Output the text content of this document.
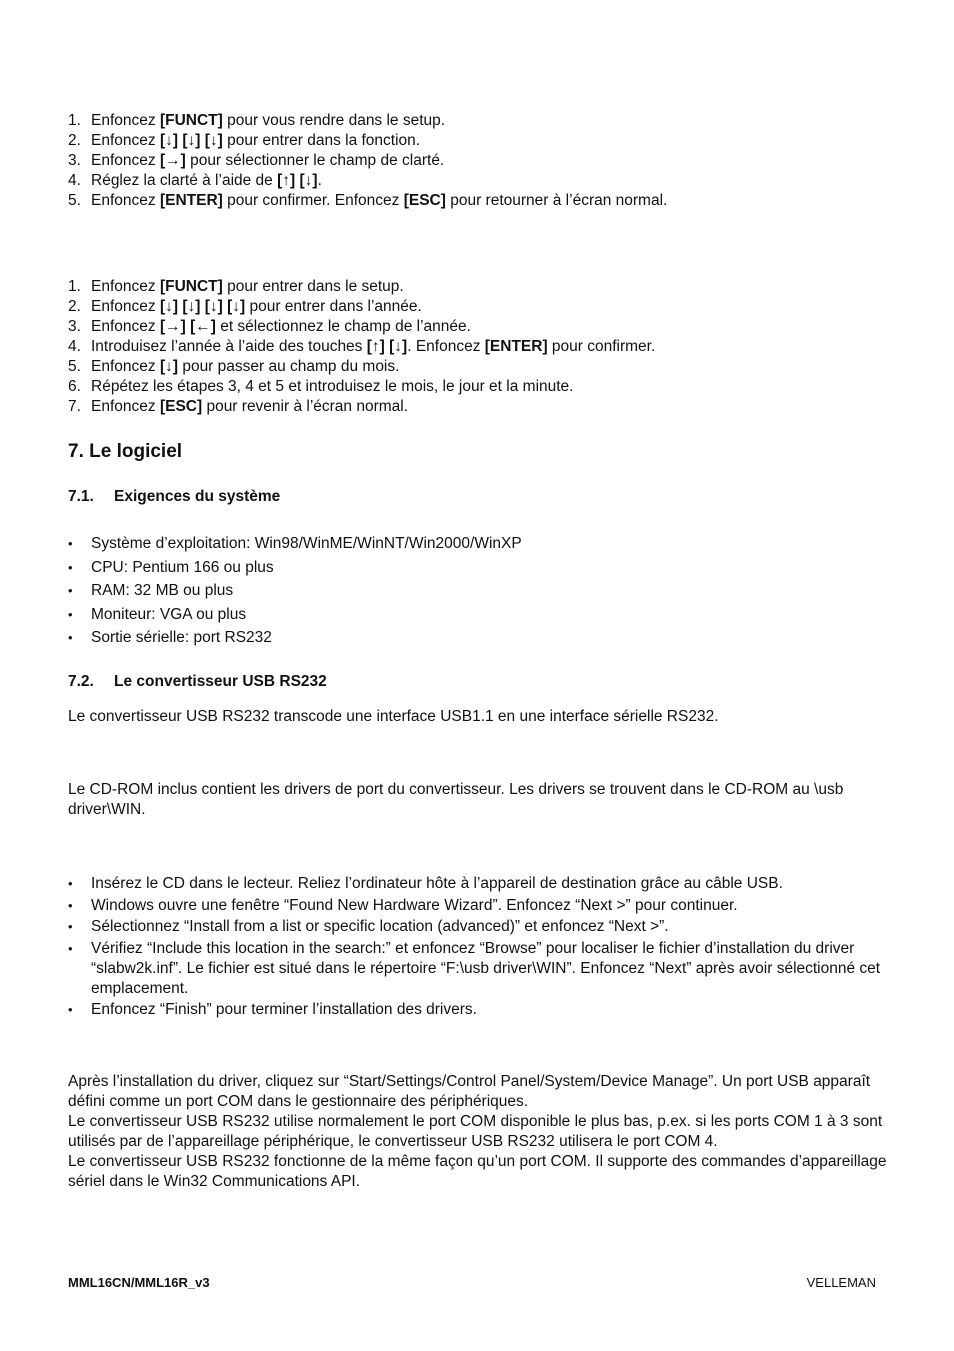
1. Enfoncez [FUNCT] pour vous rendre dans le setup.
2. Enfoncez [↓] [↓] [↓] pour entrer dans la fonction.
3. Enfoncez [→] pour sélectionner le champ de clarté.
4. Réglez la clarté à l’aide de [↑] [↓].
5. Enfoncez [ENTER] pour confirmer. Enfoncez [ESC] pour retourner à l’écran normal.
1. Enfoncez [FUNCT] pour entrer dans le setup.
2. Enfoncez [↓] [↓] [↓] [↓] pour entrer dans l’année.
3. Enfoncez [→] [←] et sélectionnez le champ de l’année.
4. Introduisez l’année à l’aide des touches [↑] [↓]. Enfoncez [ENTER] pour confirmer.
5. Enfoncez [↓] pour passer au champ du mois.
6. Répétez les étapes 3, 4 et 5 et introduisez le mois, le jour et la minute.
7. Enfoncez [ESC] pour revenir à l’écran normal.
7. Le logiciel
7.1. Exigences du système
•	Système d’exploitation: Win98/WinME/WinNT/Win2000/WinXP
•	CPU: Pentium 166 ou plus
•	RAM: 32 MB ou plus
•	Moniteur: VGA ou plus
•	Sortie sérielle: port RS232
7.2. Le convertisseur USB RS232
Le convertisseur USB RS232 transcode une interface USB1.1 en une interface sérielle RS232.
Le CD-ROM inclus contient les drivers de port du convertisseur. Les drivers se trouvent dans le CD-ROM au \usb driver\WIN.
•	Insérez le CD dans le lecteur. Reliez l’ordinateur hôte à l’appareil de destination grâce au câble USB.
•	Windows ouvre une fenêtre “Found New Hardware Wizard”. Enfoncez “Next >” pour continuer.
•	Sélectionnez “Install from a list or specific location (advanced)” et enfoncez “Next >”.
•	Vérifiez “Include this location in the search:” et enfoncez “Browse” pour localiser le fichier d’installation du driver “slabw2k.inf”. Le fichier est situé dans le répertoire “F:\usb driver\WIN”. Enfoncez “Next” après avoir sélectionné cet emplacement.
•	Enfoncez “Finish” pour terminer l’installation des drivers.
Après l’installation du driver, cliquez sur “Start/Settings/Control Panel/System/Device Manage”. Un port USB apparaît défini comme un port COM dans le gestionnaire des périphériques.
Le convertisseur USB RS232 utilise normalement le port COM disponible le plus bas, p.ex. si les ports COM 1 à 3 sont utilisés par de l’appareillage périphérique, le convertisseur USB RS232 utilisera le port COM 4.
Le convertisseur USB RS232 fonctionne de la même façon qu’un port COM. Il supporte des commandes d’appareillage sériel dans le Win32 Communications API.
MML16CN/MML16R_v3	VELLEMAN
